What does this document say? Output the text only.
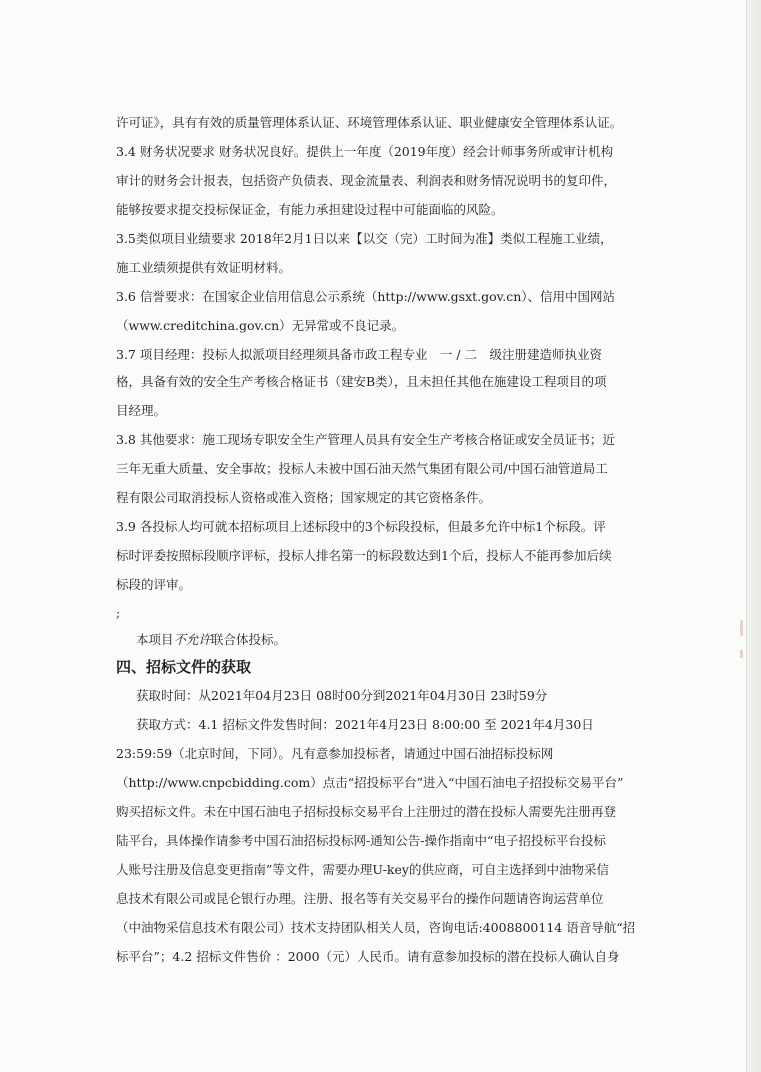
许可证》，具有有效的质量管理体系认证、环境管理体系认证、职业健康安全管理体系认证。
3.4 财务状况要求 财务状况良好。提供上一年度（2019年度）经会计师事务所或审计机构
审计的财务会计报表，包括资产负债表、现金流量表、利润表和财务情况说明书的复印件，
能够按要求提交投标保证金，有能力承担建设过程中可能面临的风险。
3.5类似项目业绩要求 2018年2月1日以来【以交（完）工时间为准】类似工程施工业绩，
施工业绩须提供有效证明材料。
3.6 信誉要求：在国家企业信用信息公示系统（http://www.gsxt.gov.cn）、信用中国网站
（www.creditchina.gov.cn）无异常或不良记录。
3.7 项目经理：投标人拟派项目经理须具备市政工程专业　一 / 二　级注册建造师执业资
格，具备有效的安全生产考核合格证书（建安B类），且未担任其他在施建设工程项目的项
目经理。
3.8 其他要求：施工现场专职安全生产管理人员具有安全生产考核合格证或安全员证书；近
三年无重大质量、安全事故；投标人未被中国石油天然气集团有限公司/中国石油管道局工
程有限公司取消投标人资格或准入资格；国家规定的其它资格条件。
3.9 各投标人均可就本招标项目上述标段中的3个标段投标，但最多允许中标1个标段。评
标时评委按照标段顺序评标，投标人排名第一的标段数达到1个后，投标人不能再参加后续
标段的评审。
;
本项目不允许联合体投标。
四、招标文件的获取
获取时间：从2021年04月23日 08时00分到2021年04月30日 23时59分
获取方式：4.1 招标文件发售时间：2021年4月23日 8:00:00 至 2021年4月30日
23:59:59（北京时间，下同）。凡有意参加投标者，请通过中国石油招标投标网
（http://www.cnpcbidding.com）点击“招投标平台”进入“中国石油电子招投标交易平台”
购买招标文件。未在中国石油电子招标投标交易平台上注册过的潜在投标人需要先注册再登
陆平台，具体操作请参考中国石油招标投标网-通知公告-操作指南中“电子招投标平台投标
人账号注册及信息变更指南”等文件，需要办理U-key的供应商，可自主选择到中油物采信
息技术有限公司或昆仑银行办理。注册、报名等有关交易平台的操作问题请咨询运营单位
（中油物采信息技术有限公司）技术支持团队相关人员，咨询电话:4008800114 语音导航“招
标平台”；4.2 招标文件售价 ：2000（元）人民币。请有意参加投标的潜在投标人确认自身
